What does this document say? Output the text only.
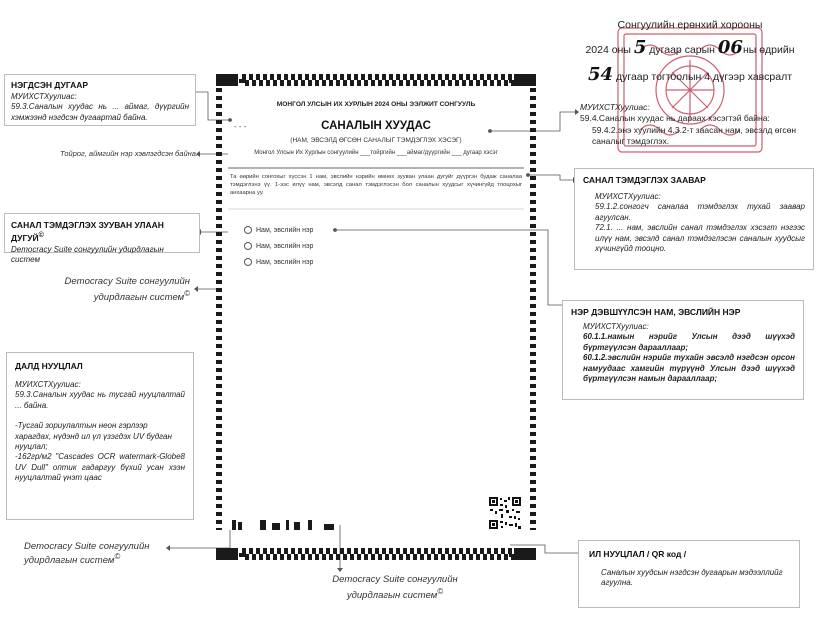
Сонгуулийн ерөнхий хорооны
2024 оны 5 дугаар сарын 06ны өдрийн
54 дугаар тогтоолын 4 дүгээр хавсралт
МОНГОЛ УЛСЫН ИХ ХУРЛЫН 2024 ОНЫ ЭЭЛЖИТ СОНГУУЛЬ
- - -	САНАЛЫН ХУУДАС
(НАМ, ЭВСЭЛД ӨГСӨН САНАЛЫГ ТЭМДЭГЛЭХ ХЭСЭГ)
Монгол Улсын Их Хурлын сонгуулийн ___тойргийн ___аймаг/дүүргийн ___ дугаар хэсэг
Та өөрийн сонгохыг хүссэн 1 нам, эвслийн нэрийн өмнөх зууван улаан дугуйг дүүргэн будаж саналаа тэмдэглэнэ үү. 1-ээс илүү нам, эвсэлд санал тэмдэглэсэн бол саналын хуудсыг хүчингүйд тооцохыг анхаарна уу.
Нам, эвслийн нэр
Нам, эвслийн нэр
Нам, эвслийн нэр
НЭГДСЭН ДУГААР
МУИХСТХуулиас:
59.3.Саналын хуудас нь ... аймаг, дүүргийн хэмжээнд нэгдсэн дугаартай байна.
Тойрог, аймгийн нэр хэвлэгдсэн байна.
САНАЛ ТЭМДЭГЛЭХ ЗУУВАН УЛААН ДУГУЙ©
Democracy Suite сонгуулийн удирдлагын систем
Democracy Suite сонгуулийн
удирдлагын систем©
ДАЛД НУУЦЛАЛ
МУИХСТХуулиас:
59.3.Саналын хуудас нь тусгай нууцлалтай ... байна.
-Тусгай зориулалтын неон гэрлээр харагдах, нүдэнд ил үл үзэгдэх UV будган нууцлал;
-162гр/м2 "Cascades OCR watermark-Globe8 UV Dull" оптик гадаргуу бүхий усан хээн нууцлалтай үнэт цаас
Democracy Suite сонгуулийн удирдлагын систем©
Democracy Suite сонгуулийн
удирдлагын систем©
МУИХСТХуулиас:
59.4.Саналын хуудас нь дараах хэсэгтэй байна:
59.4.2.энэ хуулийн 4.3.2-т заасан нам, эвсэлд өгсөн саналыг тэмдэглэх.
САНАЛ ТЭМДЭГЛЭХ ЗААВАР
МУИХСТХуулиас:
59.1.2.сонгогч саналаа тэмдэглэх тухай заавар агуулсан.
72.1. ... нам, эвслийн санал тэмдэглэх хэсэгт нэгээс илүү нам, эвсэлд санал тэмдэглэсэн саналын хуудсыг хүчингүйд тооцно.
НЭР ДЭВШҮҮЛСЭН НАМ, ЭВСЛИЙН НЭР
МУИХСТХуулиас:
60.1.1.намын нэрийг Улсын дээд шүүхэд бүртгүүлсэн дарааллаар;
60.1.2.эвслийн нэрийг тухайн эвсэлд нэгдсэн орсон намуудаас хамгийн түрүүнд Улсын дээд шүүхэд бүртгүүлсэн намын дарааллаар;
ИЛ НУУЦЛАЛ / QR код /
Саналын хуудсын нэгдсэн дугаарын мэдээллийг агуулна.
